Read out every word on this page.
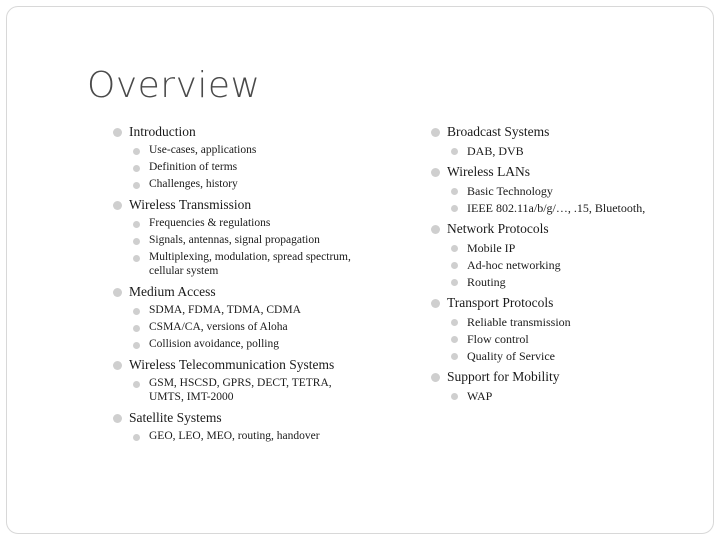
Overview
Introduction
Use-cases, applications
Definition of terms
Challenges, history
Wireless Transmission
Frequencies & regulations
Signals, antennas, signal propagation
Multiplexing, modulation, spread spectrum, cellular system
Medium Access
SDMA, FDMA, TDMA, CDMA
CSMA/CA, versions of Aloha
Collision avoidance, polling
Wireless Telecommunication Systems
GSM, HSCSD, GPRS, DECT, TETRA, UMTS, IMT-2000
Satellite Systems
GEO, LEO, MEO, routing, handover
Broadcast Systems
DAB, DVB
Wireless LANs
Basic Technology
IEEE 802.11a/b/g/…, .15, Bluetooth,
Network Protocols
Mobile IP
Ad-hoc networking
Routing
Transport Protocols
Reliable transmission
Flow control
Quality of Service
Support for Mobility
WAP
